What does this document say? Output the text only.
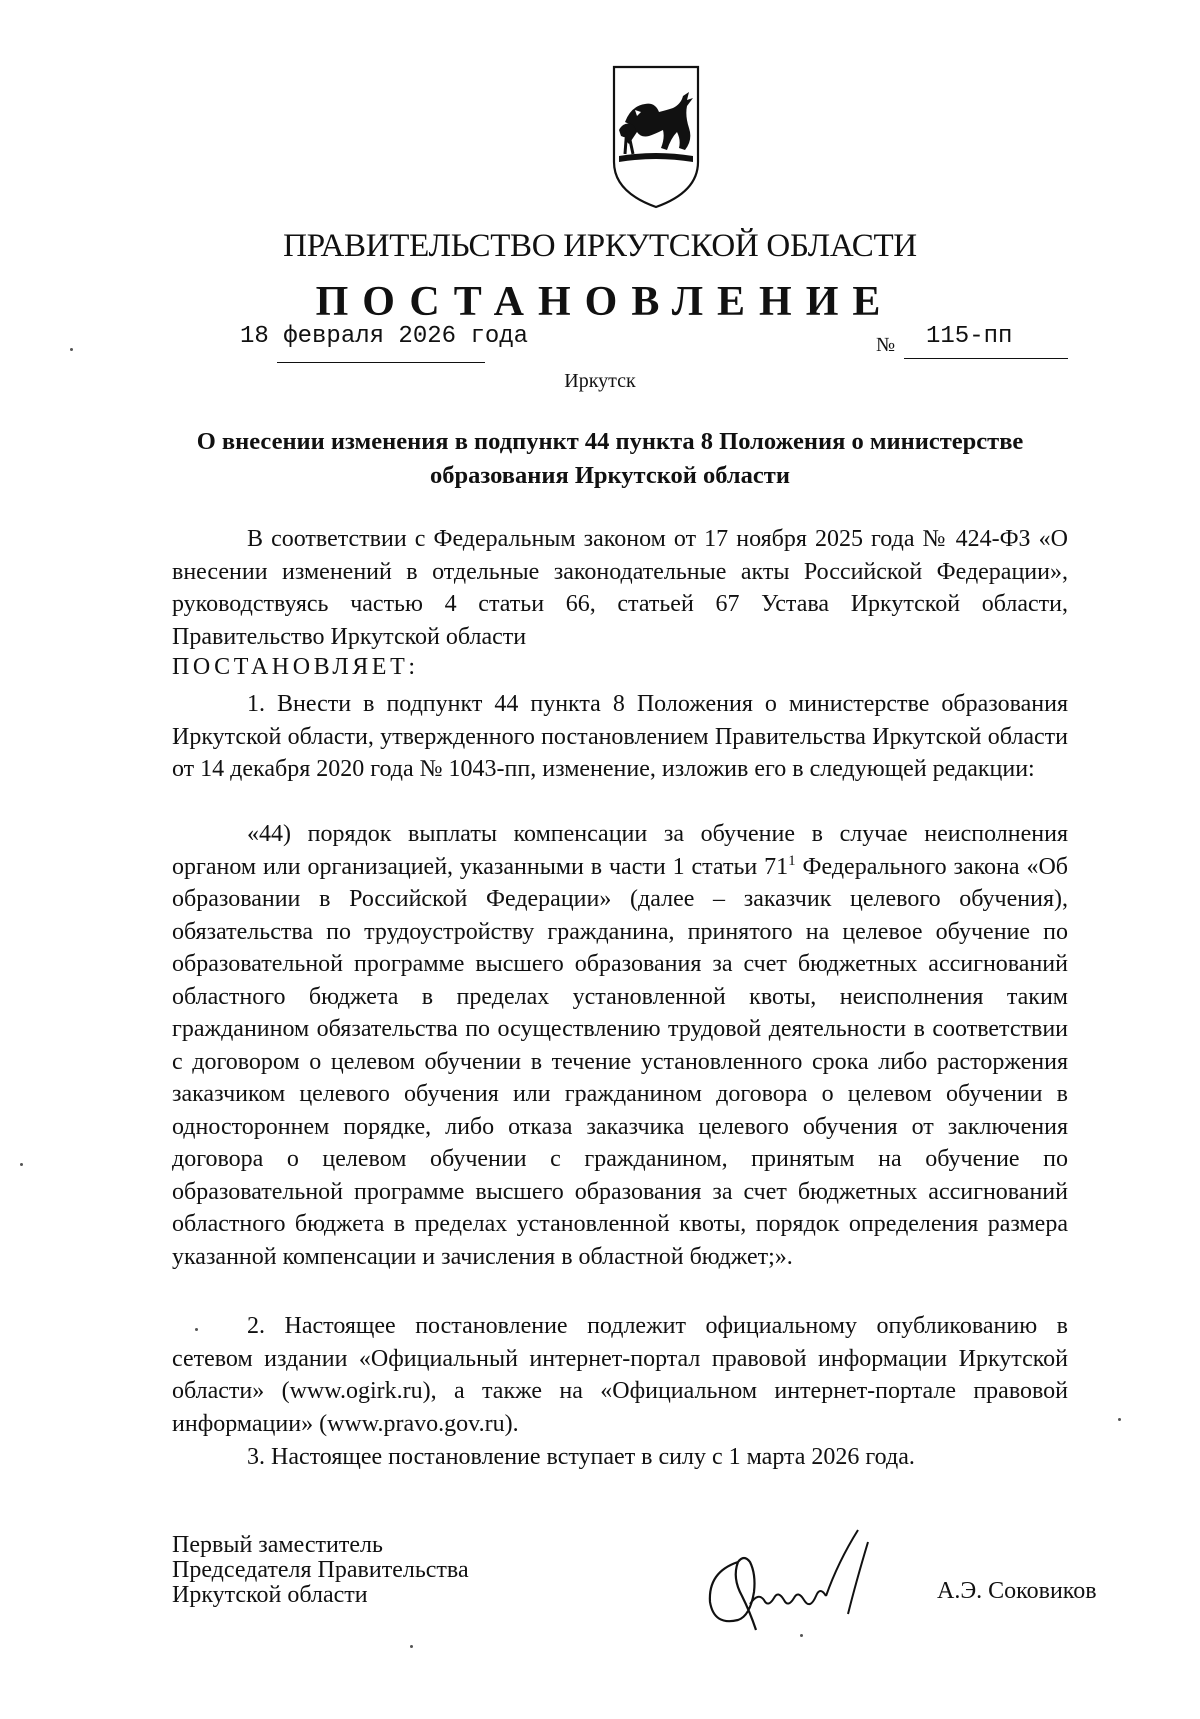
ПРАВИТЕЛЬСТВО ИРКУТСКОЙ ОБЛАСТИ
ПОСТАНОВЛЕНИЕ
18 февраля 2026 года	№ 115-пп
Иркутск
О внесении изменения в подпункт 44 пункта 8 Положения о министерстве образования Иркутской области
В соответствии с Федеральным законом от 17 ноября 2025 года № 424-ФЗ «О внесении изменений в отдельные законодательные акты Российской Федерации», руководствуясь частью 4 статьи 66, статьей 67 Устава Иркутской области, Правительство Иркутской области
ПОСТАНОВЛЯЕТ:
1. Внести в подпункт 44 пункта 8 Положения о министерстве образования Иркутской области, утвержденного постановлением Правительства Иркутской области от 14 декабря 2020 года № 1043-пп, изменение, изложив его в следующей редакции:
«44) порядок выплаты компенсации за обучение в случае неисполнения органом или организацией, указанными в части 1 статьи $71^1$ Федерального закона «Об образовании в Российской Федерации» (далее – заказчик целевого обучения), обязательства по трудоустройству гражданина, принятого на целевое обучение по образовательной программе высшего образования за счет бюджетных ассигнований областного бюджета в пределах установленной квоты, неисполнения таким гражданином обязательства по осуществлению трудовой деятельности в соответствии с договором о целевом обучении в течение установленного срока либо расторжения заказчиком целевого обучения или гражданином договора о целевом обучении в одностороннем порядке, либо отказа заказчика целевого обучения от заключения договора о целевом обучении с гражданином, принятым на обучение по образовательной программе высшего образования за счет бюджетных ассигнований областного бюджета в пределах установленной квоты, порядок определения размера указанной компенсации и зачисления в областной бюджет;».
2. Настоящее постановление подлежит официальному опубликованию в сетевом издании «Официальный интернет-портал правовой информации Иркутской области» (www.ogirk.ru), а также на «Официальном интернет-портале правовой информации» (www.pravo.gov.ru).
3. Настоящее постановление вступает в силу с 1 марта 2026 года.
Первый заместитель
Председателя Правительства
Иркутской области	А.Э. Соковиков
